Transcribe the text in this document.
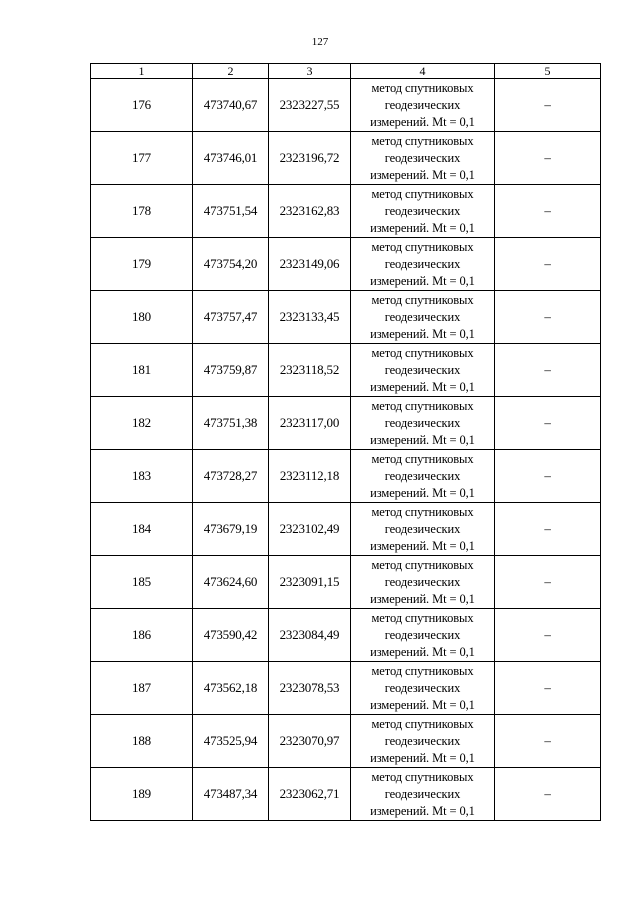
127
1	2	3	4	5
176	473740,67	2323227,55	метод спутниковых
геодезических
измерений. Mt = 0,1	–
177	473746,01	2323196,72	метод спутниковых
геодезических
измерений. Mt = 0,1	–
178	473751,54	2323162,83	метод спутниковых
геодезических
измерений. Mt = 0,1	–
179	473754,20	2323149,06	метод спутниковых
геодезических
измерений. Mt = 0,1	–
180	473757,47	2323133,45	метод спутниковых
геодезических
измерений. Mt = 0,1	–
181	473759,87	2323118,52	метод спутниковых
геодезических
измерений. Mt = 0,1	–
182	473751,38	2323117,00	метод спутниковых
геодезических
измерений. Mt = 0,1	–
183	473728,27	2323112,18	метод спутниковых
геодезических
измерений. Mt = 0,1	–
184	473679,19	2323102,49	метод спутниковых
геодезических
измерений. Mt = 0,1	–
185	473624,60	2323091,15	метод спутниковых
геодезических
измерений. Mt = 0,1	–
186	473590,42	2323084,49	метод спутниковых
геодезических
измерений. Mt = 0,1	–
187	473562,18	2323078,53	метод спутниковых
геодезических
измерений. Mt = 0,1	–
188	473525,94	2323070,97	метод спутниковых
геодезических
измерений. Mt = 0,1	–
189	473487,34	2323062,71	метод спутниковых
геодезических
измерений. Mt = 0,1	–
